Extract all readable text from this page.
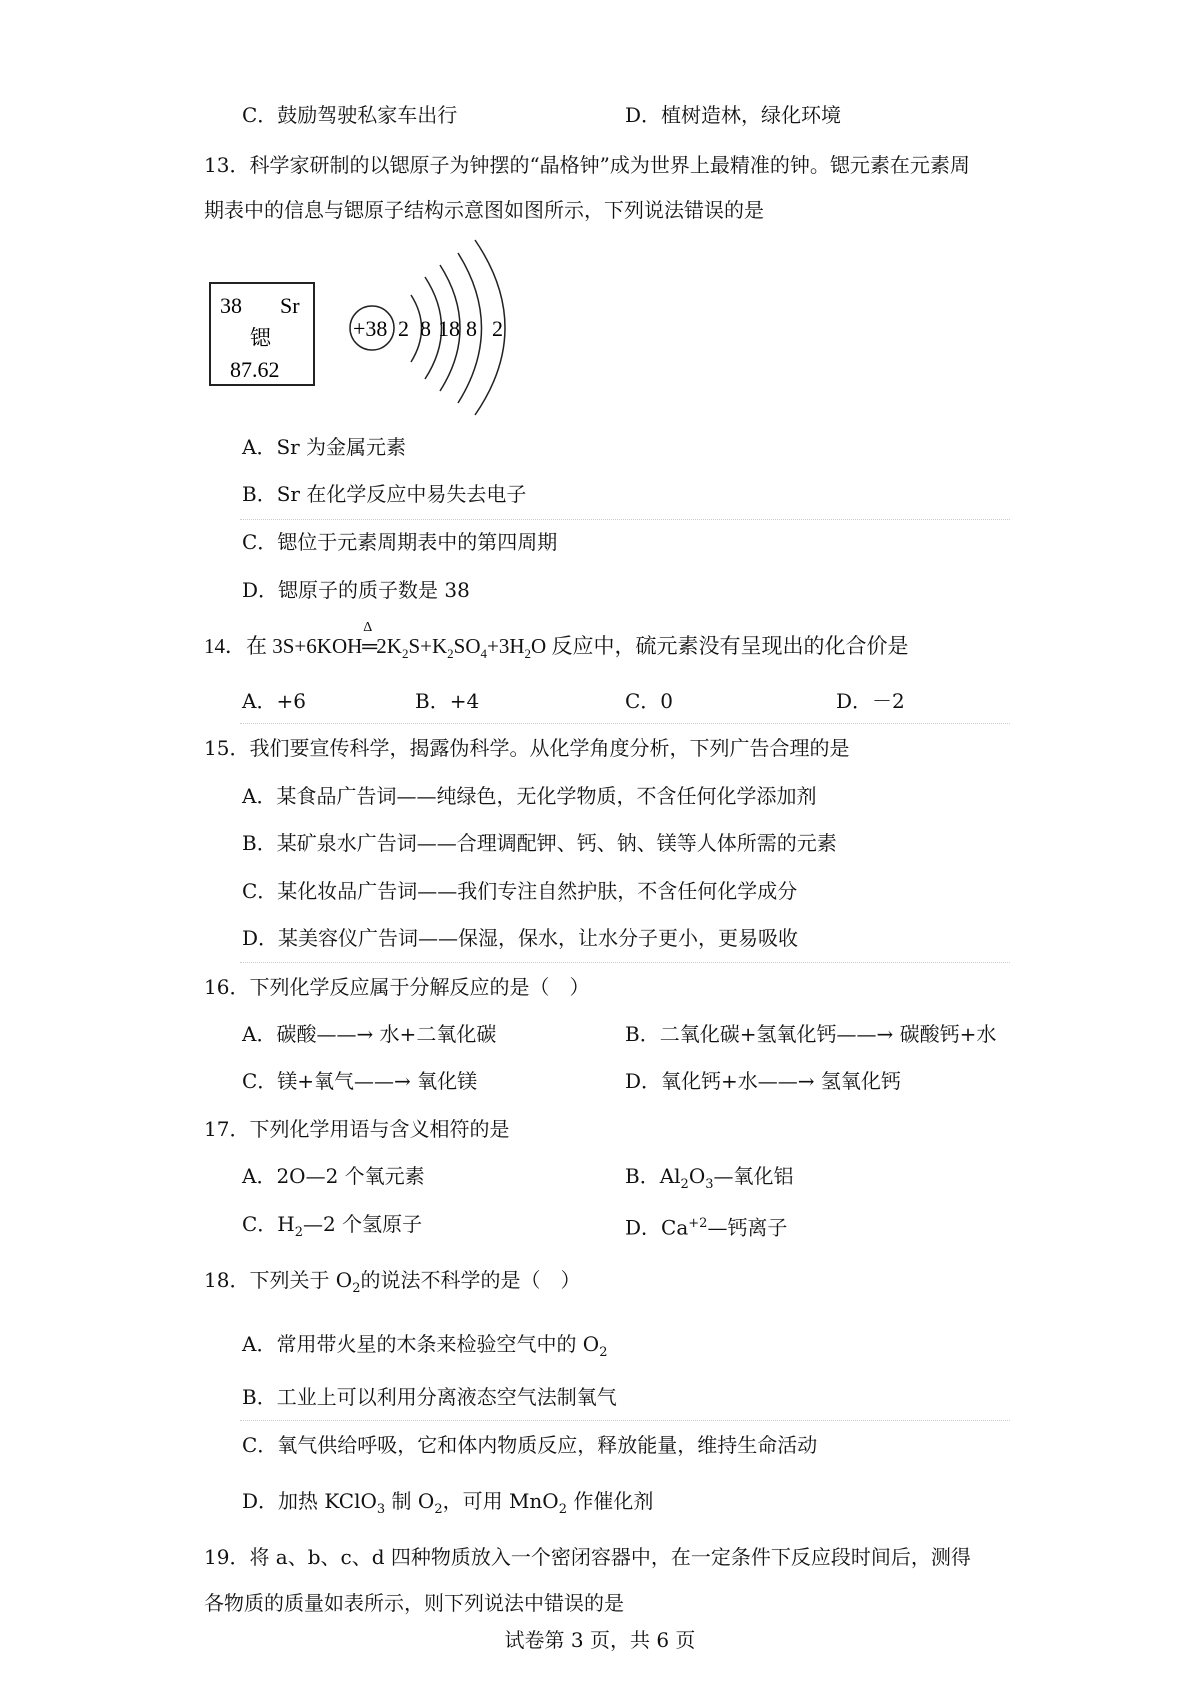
C．鼓励驾驶私家车出行	D．植树造林，绿化环境
13．科学家研制的以锶原子为钟摆的“晶格钟”成为世界上最精准的钟。锶元素在元素周
期表中的信息与锶原子结构示意图如图所示，下列说法错误的是
38 Sr
锶
87.62
+38 2 8 18 8 2
A．Sr 为金属元素
B．Sr 在化学反应中易失去电子
C．锶位于元素周期表中的第四周期
D．锶原子的质子数是 38
14．在 3S+6KOH
Δ
$═2K_2S+K_2SO_4+3H_2O$ 反应中，硫元素没有呈现出的化合价是
A．+6	B．+4	C．0	D．－2
15．我们要宣传科学，揭露伪科学。从化学角度分析，下列广告合理的是
A．某食品广告词——纯绿色，无化学物质，不含任何化学添加剂
B．某矿泉水广告词——合理调配钾、钙、钠、镁等人体所需的元素
C．某化妆品广告词——我们专注自然护肤，不含任何化学成分
D．某美容仪广告词——保湿，保水，让水分子更小，更易吸收
16．下列化学反应属于分解反应的是（　）
A．碳酸——→ 水+二氧化碳	B．二氧化碳+氢氧化钙——→ 碳酸钙+水
C．镁+氧气——→ 氧化镁	D．氧化钙+水——→ 氢氧化钙
17．下列化学用语与含义相符的是
A．2O—2 个氧元素	B．$Al_2O_3—$氧化铝
C．$H_2—2$ 个氢原子	D．$Ca^{+2}—$钙离子
18．下列关于 $O_2$的说法不科学的是（　）
A．常用带火星的木条来检验空气中的 $O_2$
B．工业上可以利用分离液态空气法制氧气
C．氧气供给呼吸，它和体内物质反应，释放能量，维持生命活动
D．加热 KClO$_3$ 制 $O_2$，可用 MnO$_2$ 作催化剂
19．将 a、b、c、d 四种物质放入一个密闭容器中，在一定条件下反应段时间后，测得
各物质的质量如表所示，则下列说法中错误的是
试卷第 3 页，共 6 页
